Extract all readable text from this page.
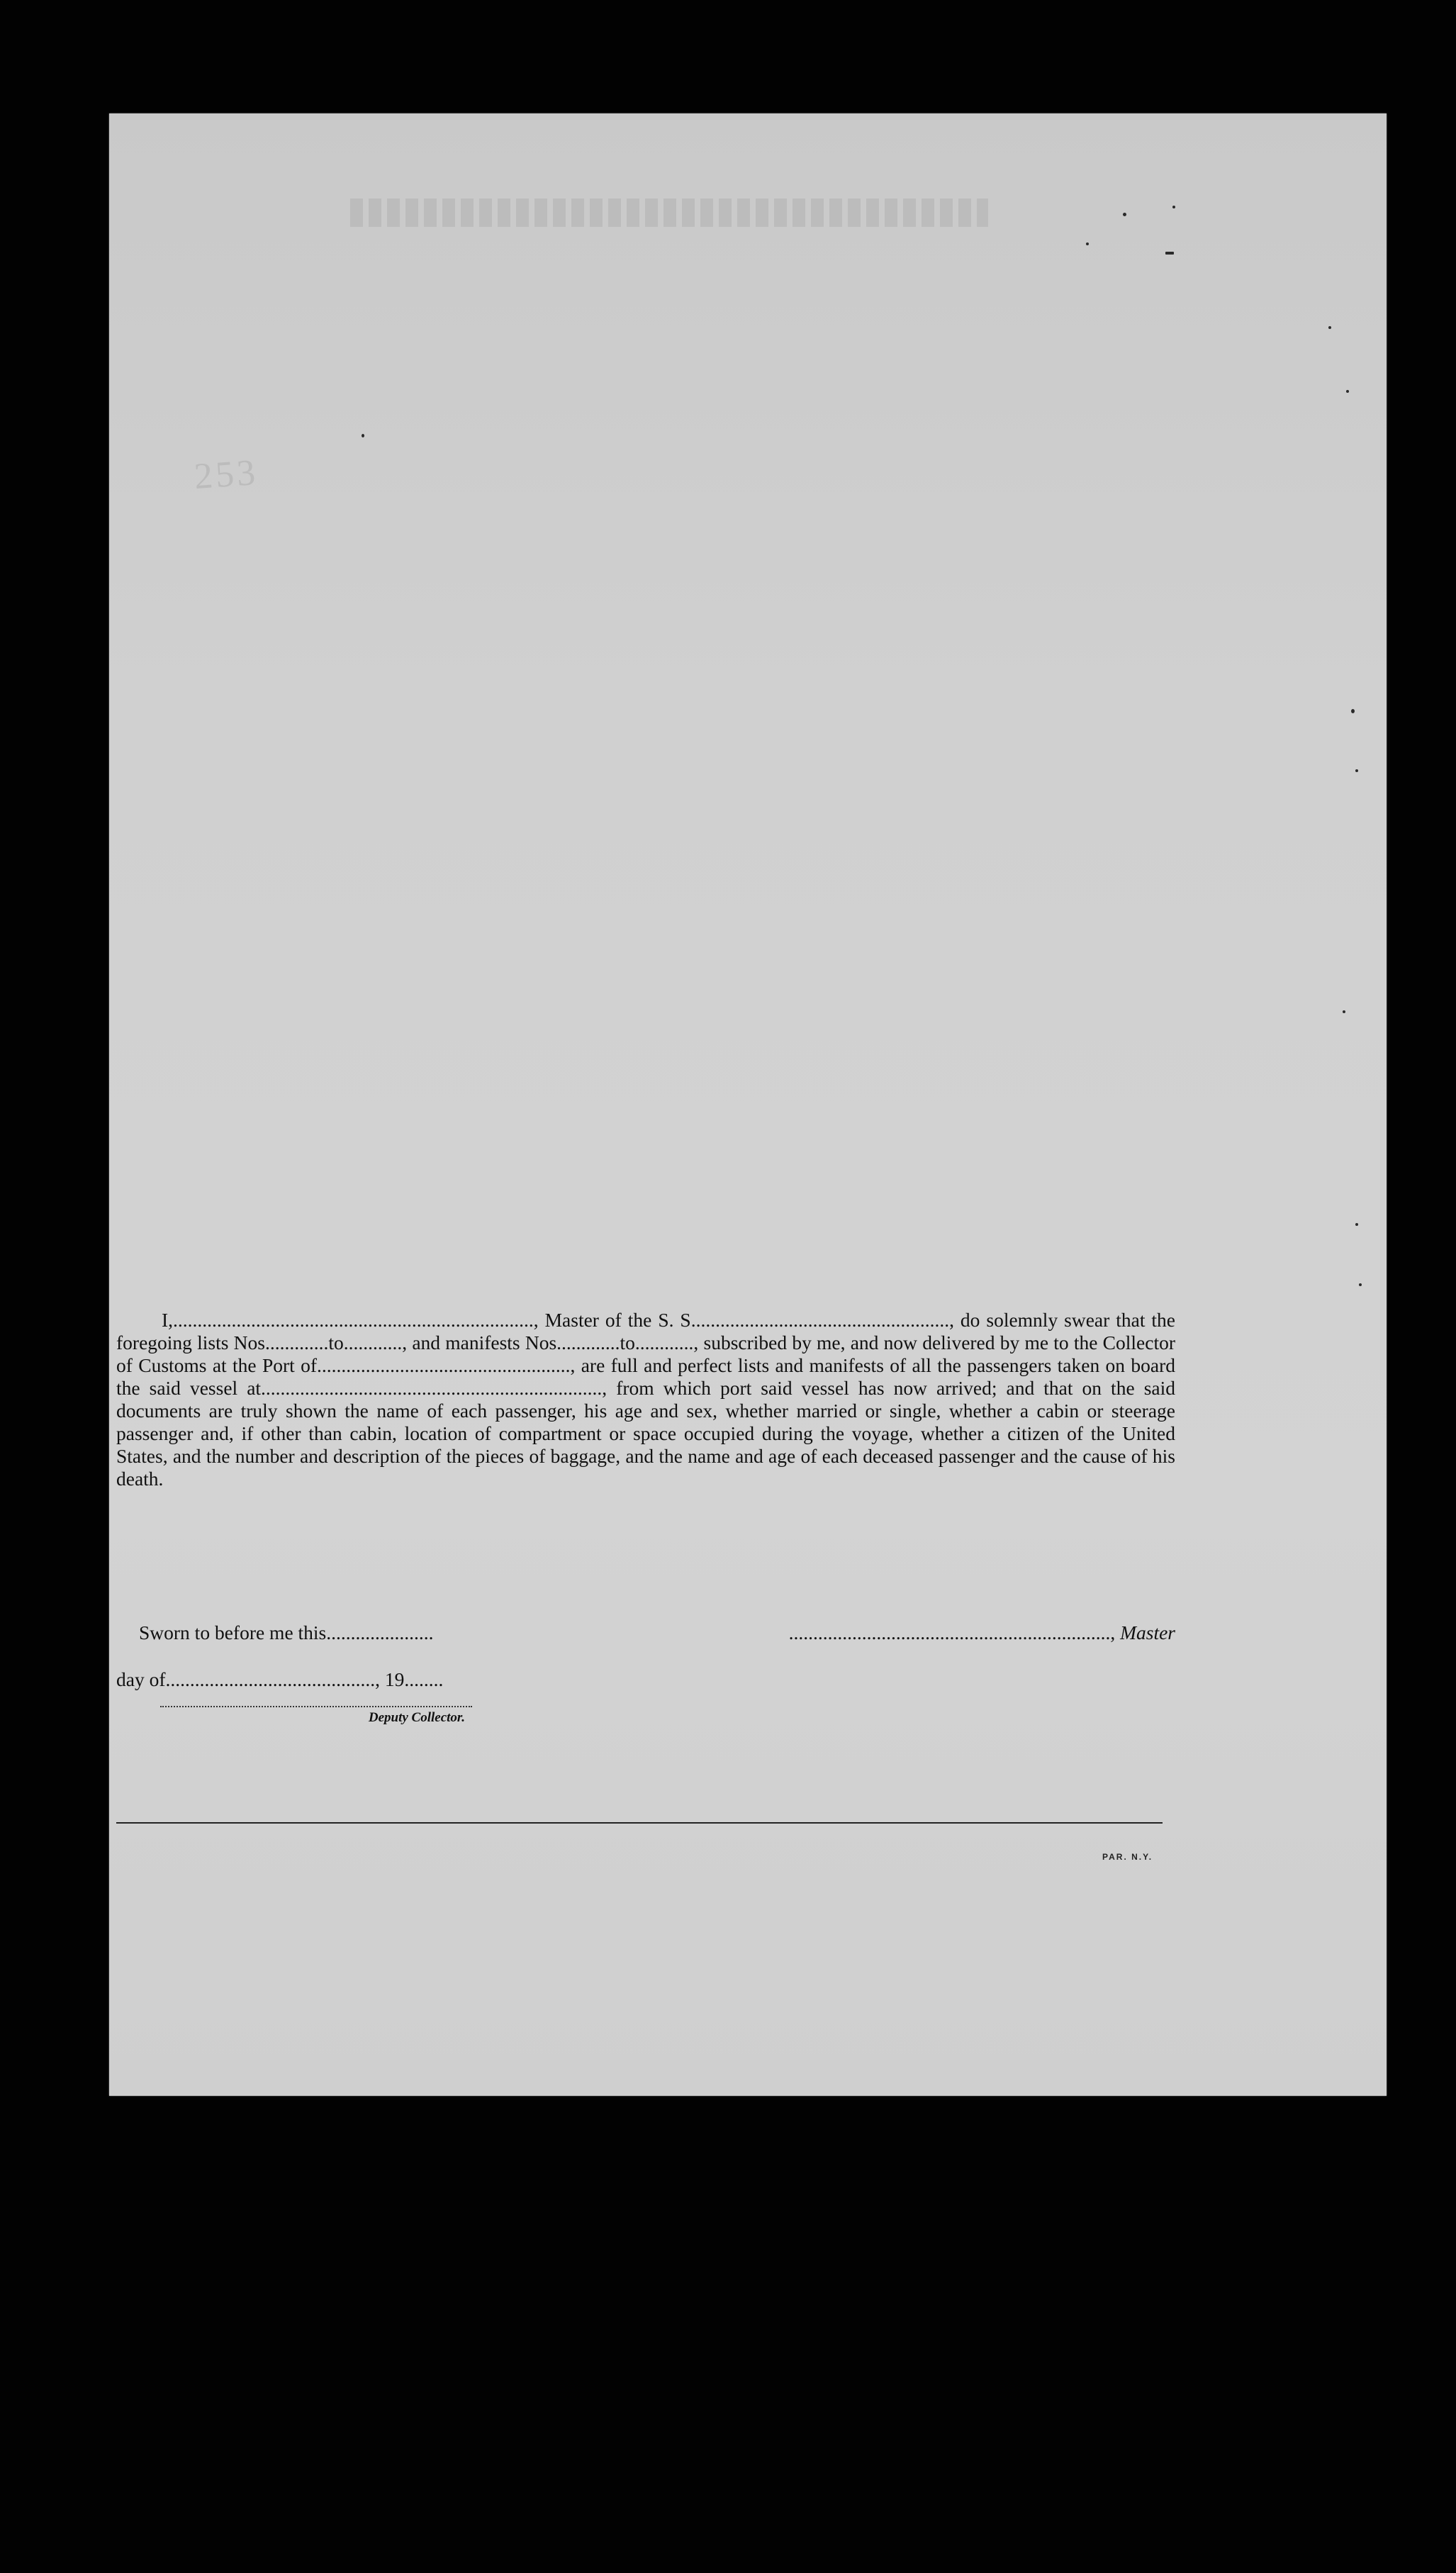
253

I,.........................................................................., Master of the S. S....................................................., do solemnly swear that the foregoing lists Nos.............to............, and manifests Nos.............to............, subscribed by me, and now delivered by me to the Collector of Customs at the Port of...................................................., are full and perfect lists and manifests of all the passengers taken on board the said vessel at......................................................................, from which port said vessel has now arrived; and that on the said documents are truly shown the name of each passenger, his age and sex, whether married or single, whether a cabin or steerage passenger and, if other than cabin, location of compartment or space occupied during the voyage, whether a citizen of the United States, and the number and description of the pieces of baggage, and the name and age of each deceased passenger and the cause of his death.

Sworn to before me this......................	.................................................................., Master
day of..........................................., 19........
Deputy Collector.
PAR. N.Y.
